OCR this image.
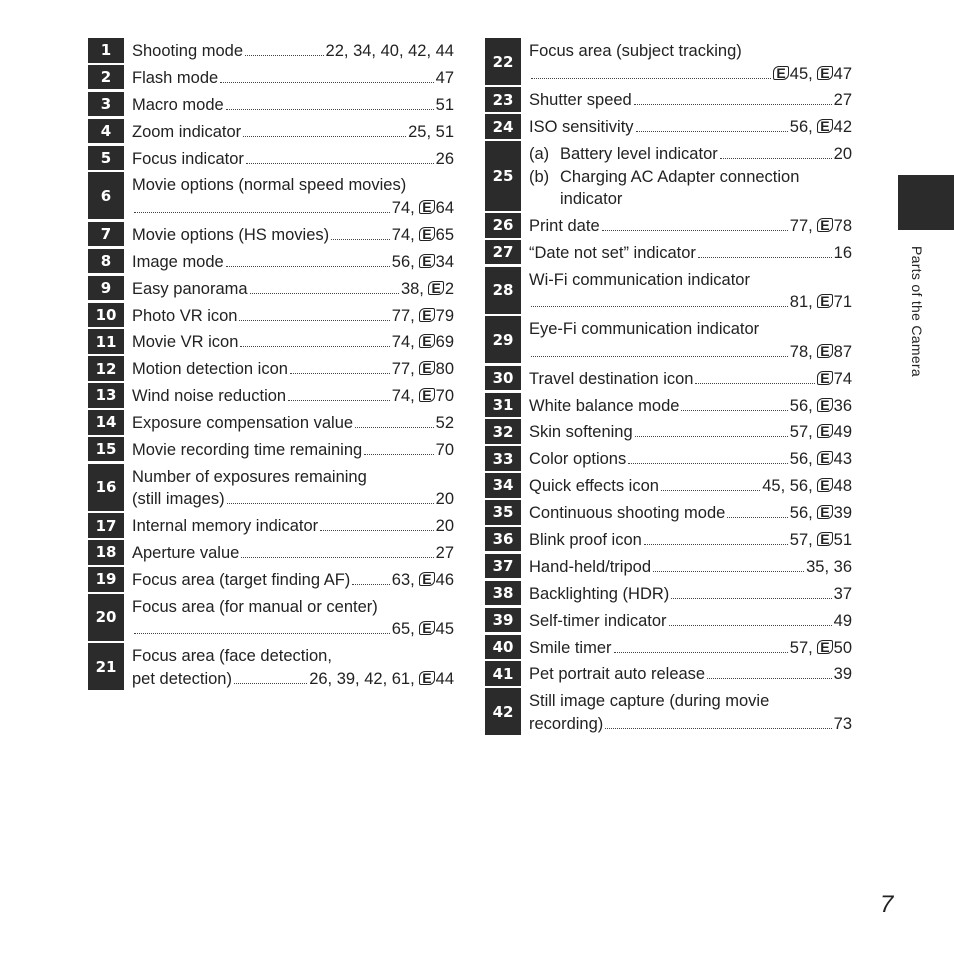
1	Shooting mode	22, 34, 40, 42, 44
2	Flash mode	47
3	Macro mode	51
4	Zoom indicator	25, 51
5	Focus indicator	26
6
Movie options (normal speed movies)
74, E 64
7	Movie options (HS movies)	74, E 65
8	Image mode	56, E 34
9	Easy panorama	38, E 2
10 Photo VR icon	77, E 79
11 Movie VR icon	74, E 69
12 Motion detection icon	77, E 80
13 Wind noise reduction	74, E 70
14 Exposure compensation value	52
15 Movie recording time remaining	70
16
Number of exposures remaining
(still images)	20
17 Internal memory indicator	20
18 Aperture value	27
19 Focus area (target finding AF)	63, E 46
20
Focus area (for manual or center)
65, E 45
21
Focus area (face detection,
pet detection)	26, 39, 42, 61, E 44
22
Focus area (subject tracking)
E 45, E 47
23 Shutter speed	27
24 ISO sensitivity	56, E 42
25
(a) Battery level indicator	20
(b) Charging AC Adapter connection indicator
26 Print date	77, E 78
27 “Date not set” indicator	16
28
Wi-Fi communication indicator
81, E 71
29
Eye-Fi communication indicator
78, E 87
30 Travel destination icon	E 74
31 White balance mode	56, E 36
32 Skin softening	57, E 49
33 Color options	56, E 43
34 Quick effects icon	45, 56, E 48
35 Continuous shooting mode	56, E 39
36 Blink proof icon	57, E 51
37 Hand-held/tripod	35, 36
38 Backlighting (HDR)	37
39 Self-timer indicator	49
40 Smile timer	57, E 50
41 Pet portrait auto release	39
42
Still image capture (during movie
recording)	73
Parts of the Camera
7
